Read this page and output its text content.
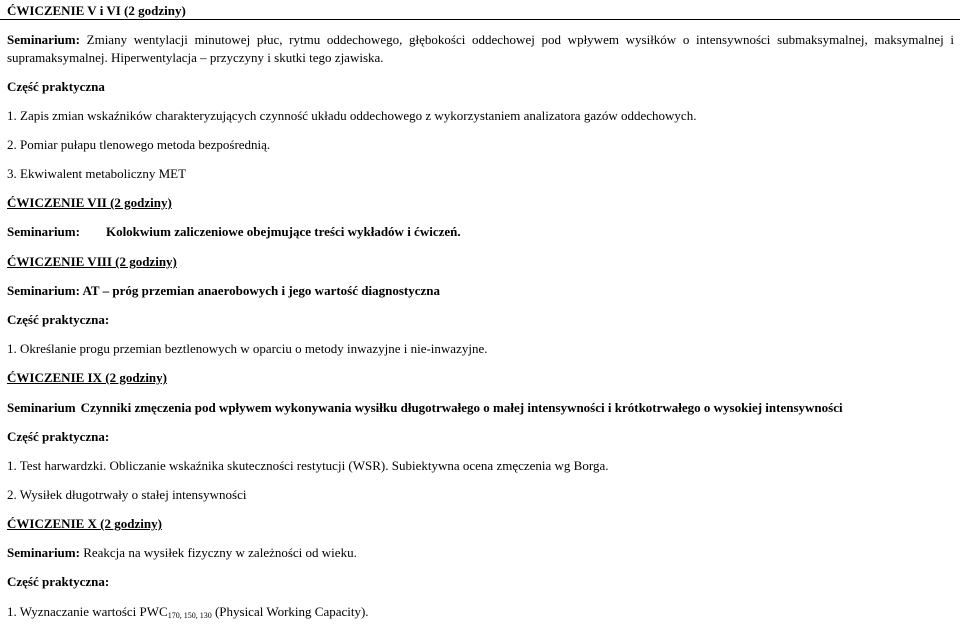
ĆWICZENIE V i VI (2 godziny)
Seminarium: Zmiany wentylacji minutowej płuc, rytmu oddechowego, głębokości oddechowej pod wpływem wysiłków o intensywności submaksymalnej, maksymalnej i supramaksymalnej. Hiperwentylacja – przyczyny i skutki tego zjawiska.
Część praktyczna
1. Zapis zmian wskaźników charakteryzujących czynność układu oddechowego z wykorzystaniem analizatora gazów oddechowych.
2. Pomiar pułapu tlenowego metoda bezpośrednią.
3. Ekwiwalent metaboliczny MET
ĆWICZENIE VII (2 godziny)
Seminarium: Kolokwium zaliczeniowe obejmujące treści wykładów i ćwiczeń.
ĆWICZENIE VIII (2 godziny)
Seminarium: AT – próg przemian anaerobowych i jego wartość diagnostyczna
Część praktyczna:
1. Określanie progu przemian beztlenowych w oparciu o metody inwazyjne i nie-inwazyjne.
ĆWICZENIE IX (2 godziny)
Seminarium Czynniki zmęczenia pod wpływem wykonywania wysiłku długotrwałego o małej intensywności i krótkotrwałego o wysokiej intensywności
Część praktyczna:
1. Test harwardzki. Obliczanie wskaźnika skuteczności restytucji (WSR). Subiektywna ocena zmęczenia wg Borga.
2. Wysiłek długotrwały o stałej intensywności
ĆWICZENIE X (2 godziny)
Seminarium: Reakcja na wysiłek fizyczny w zależności od wieku.
Część praktyczna:
1. Wyznaczanie wartości $PWC_{170, 150, 130}$ (Physical Working Capacity).
